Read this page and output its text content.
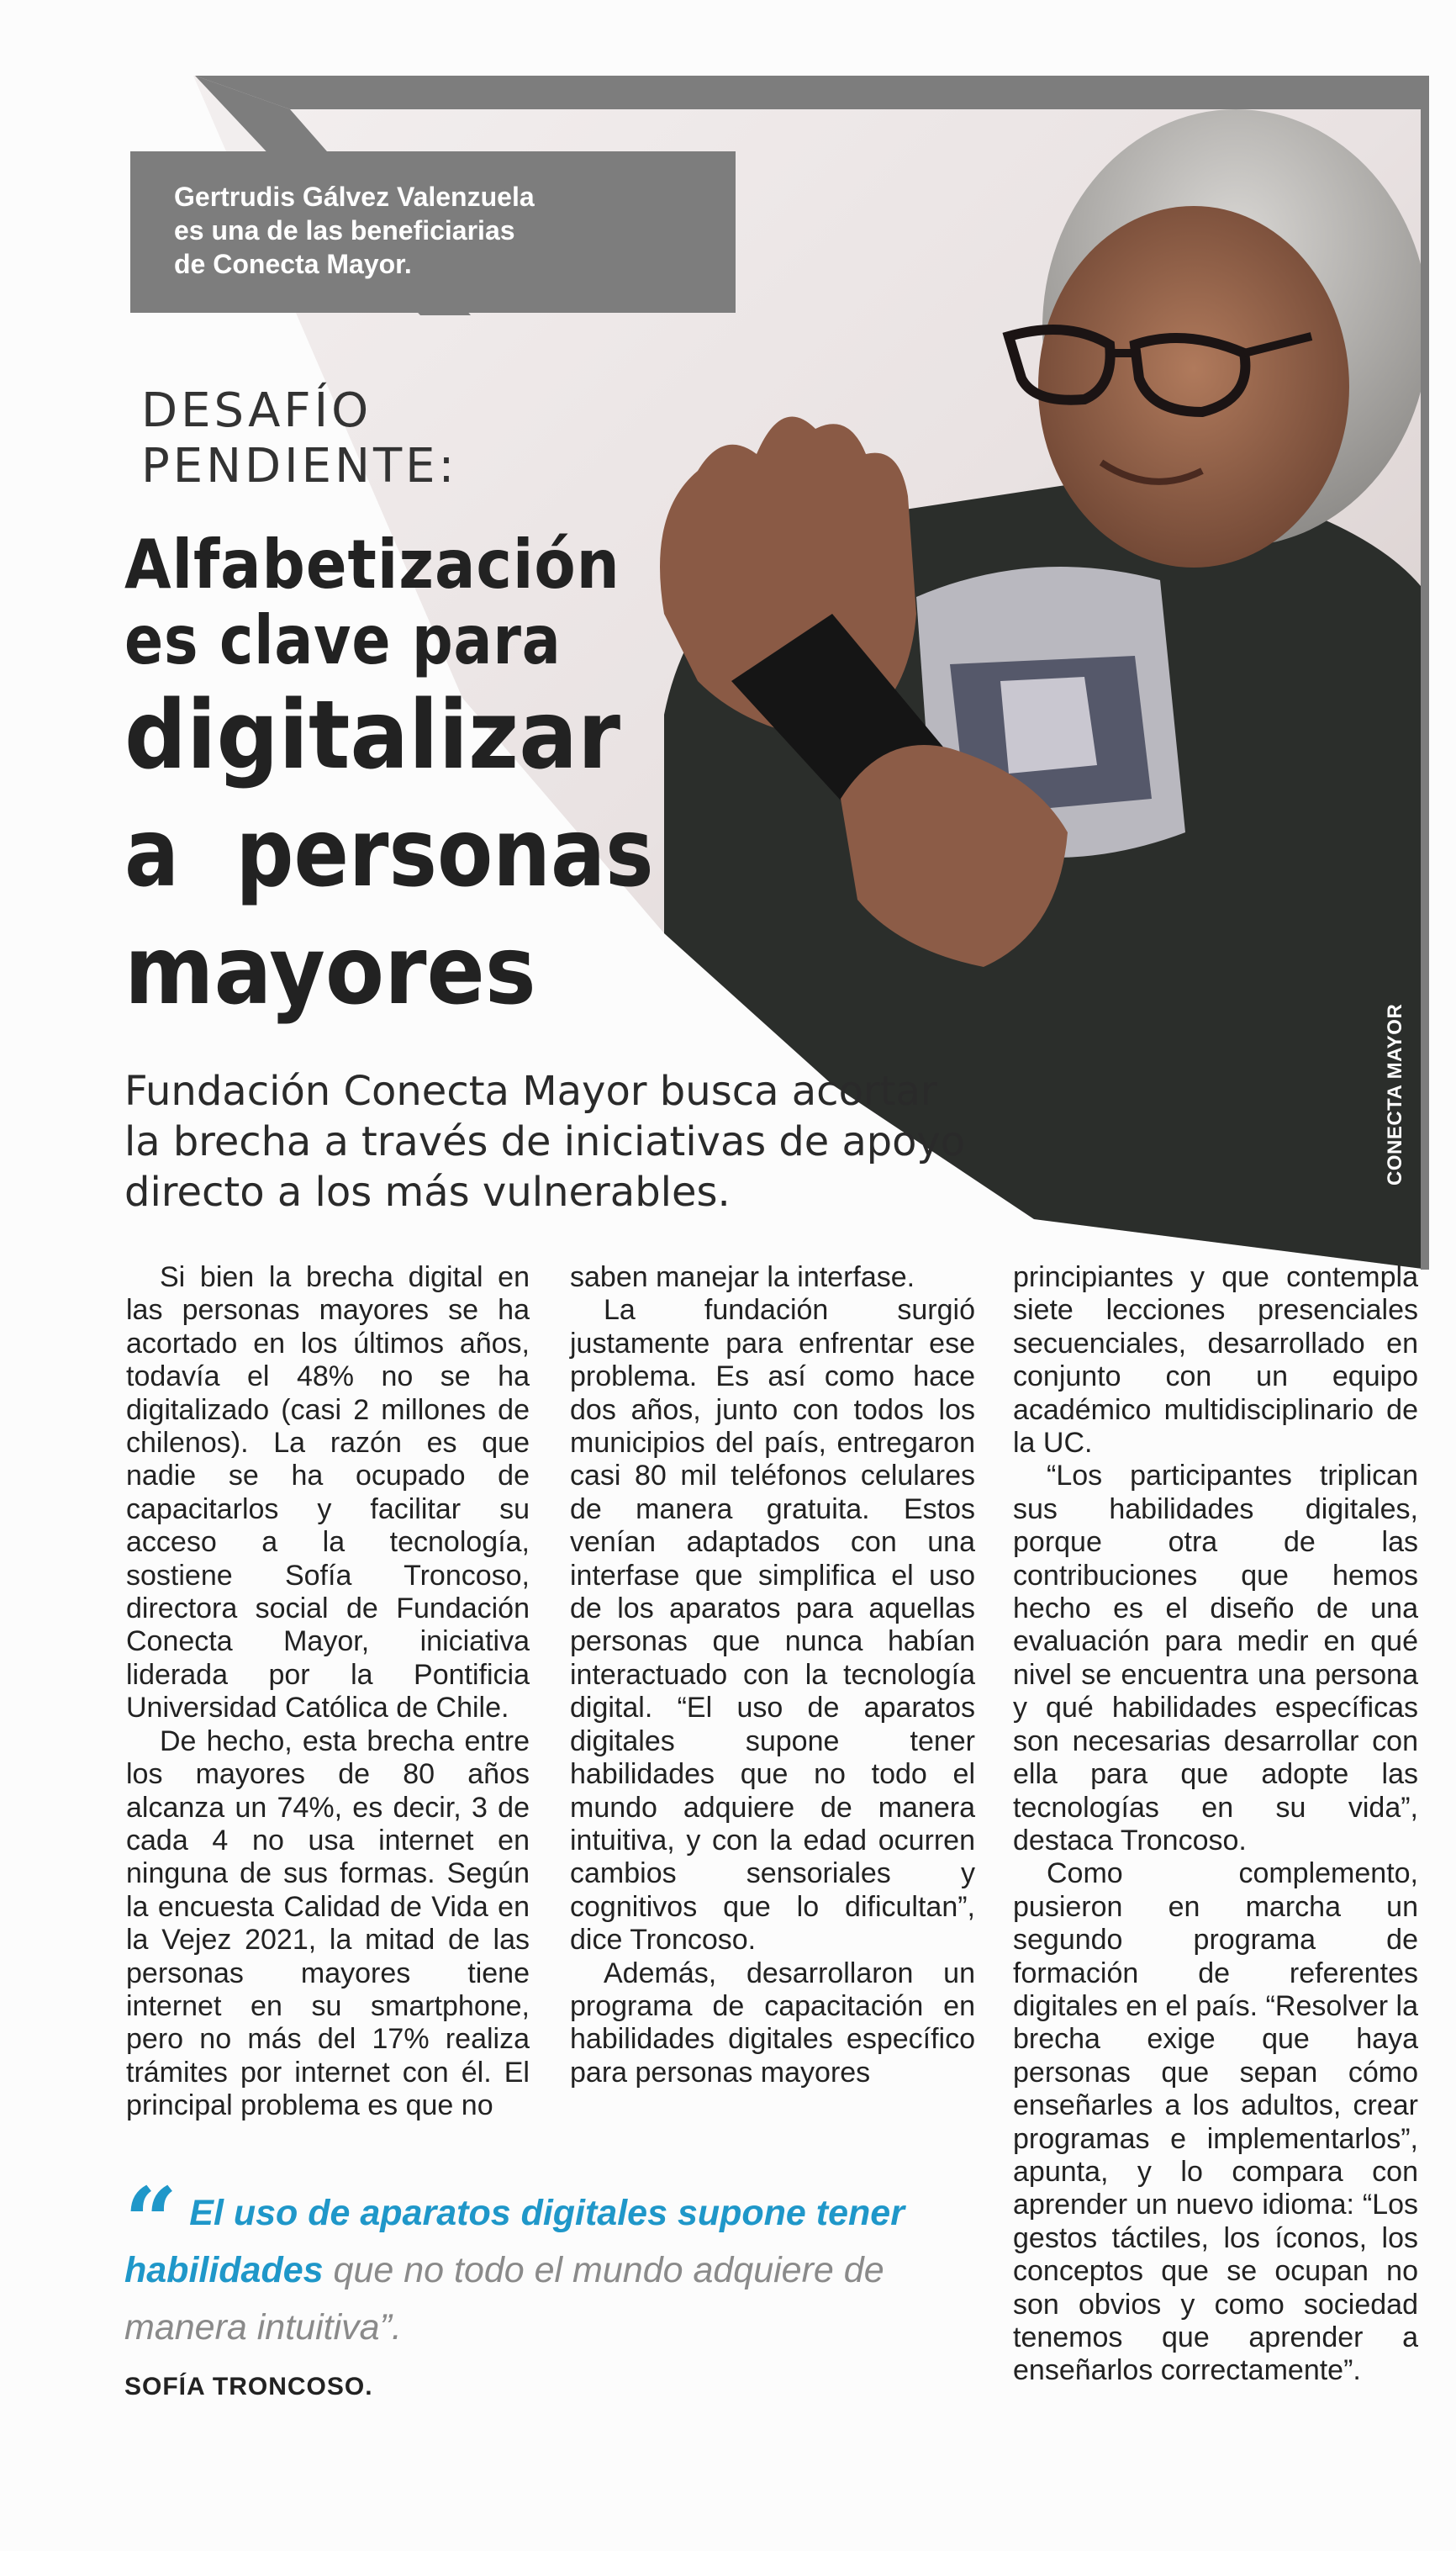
Gertrudis Gálvez Valenzuela
es una de las beneficiarias
de Conecta Mayor.
DESAFÍO
PENDIENTE:
Alfabetización
es clave para
digitalizar
a  personas
mayores
CONECTA MAYOR
Fundación Conecta Mayor busca acortar
la brecha a través de iniciativas de apoyo
directo a los más vulnerables.

Si bien la brecha digital en las personas mayores se ha acortado en los últimos años, todavía el 48% no se ha digitalizado (casi 2 millones de chilenos). La razón es que nadie se ha ocupado de capacitarlos y facilitar su acceso a la tecnología, sostiene Sofía Troncoso, directora social de Fundación Conecta Mayor, iniciativa liderada por la Pontificia Universidad Católica de Chile.

De hecho, esta brecha entre los mayores de 80 años alcanza un 74%, es decir, 3 de cada 4 no usa internet en ninguna de sus formas. Según la encuesta Calidad de Vida en la Vejez 2021, la mitad de las personas mayores tiene internet en su smartphone, pero no más del 17% realiza trámites por internet con él. El principal problema es que no

saben manejar la interfase.

La fundación surgió justamente para enfrentar ese problema. Es así como hace dos años, junto con todos los municipios del país, entregaron casi 80 mil teléfonos celulares de manera gratuita. Estos venían adaptados con una interfase que simplifica el uso de los aparatos para aquellas personas que nunca habían interactuado con la tecnología digital. “El uso de aparatos digitales supone tener habilidades que no todo el mundo adquiere de manera intuitiva, y con la edad ocurren cambios sensoriales y cognitivos que lo dificultan”, dice Troncoso.

Además, desarrollaron un programa de capacitación en habilidades digitales específico para personas mayores

principiantes y que contempla siete lecciones presenciales secuenciales, desarrollado en conjunto con un equipo académico multidisciplinario de la UC.

“Los participantes triplican sus habilidades digitales, porque otra de las contribuciones que hemos hecho es el diseño de una evaluación para medir en qué nivel se encuentra una persona y qué habilidades específicas son necesarias desarrollar con ella para que adopte las tecnologías en su vida”, destaca Troncoso.

Como complemento, pusieron en marcha un segundo programa de formación de referentes digitales en el país. “Resolver la brecha exige que haya personas que sepan cómo enseñarles a los adultos, crear programas e implementarlos”, apunta, y lo compara con aprender un nuevo idioma: “Los gestos táctiles, los íconos, los conceptos que se ocupan no son obvios y como sociedad tenemos que aprender a enseñarlos correctamente”.

“ El uso de aparatos digitales supone tener habilidades que no todo el mundo adquiere de manera intuitiva”.
SOFÍA TRONCOSO.
